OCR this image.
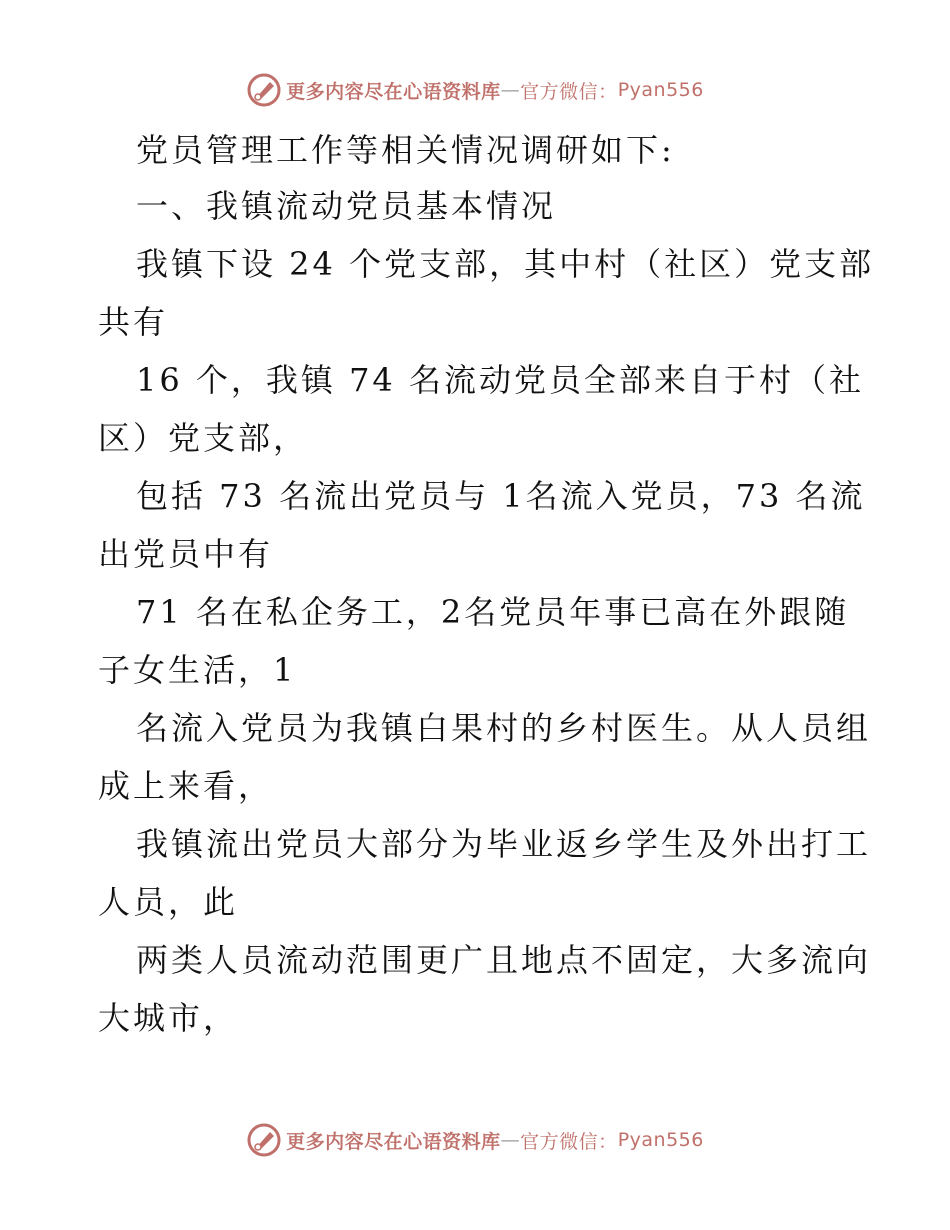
更多内容尽在心语资料库 — 官方微信： Pyan556
党员管理工作等相关情况调研如下:
一、我镇流动党员基本情况
我镇下设 24 个党支部，其中村（社区）党支部
共有
16 个，我镇 74 名流动党员全部来自于村（社
区）党支部，
包括 73 名流出党员与 1名流入党员，73 名流
出党员中有
71 名在私企务工，2名党员年事已高在外跟随
子女生活，1
名流入党员为我镇白果村的乡村医生。从人员组
成上来看，
我镇流出党员大部分为毕业返乡学生及外出打工
人员，此
两类人员流动范围更广且地点不固定，大多流向
大城市，
更多内容尽在心语资料库 — 官方微信： Pyan556
